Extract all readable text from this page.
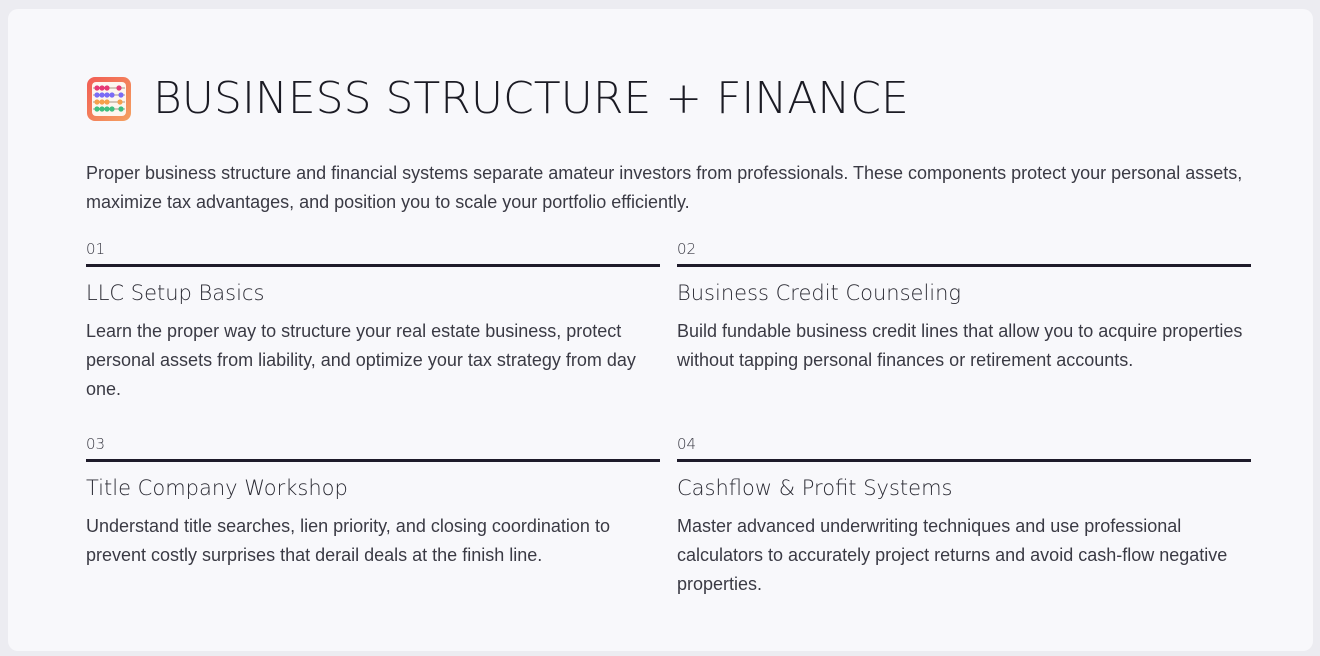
BUSINESS STRUCTURE + FINANCE
Proper business structure and financial systems separate amateur investors from professionals. These components protect your personal assets, maximize tax advantages, and position you to scale your portfolio efficiently.
01
LLC Setup Basics
Learn the proper way to structure your real estate business, protect personal assets from liability, and optimize your tax strategy from day one.
02
Business Credit Counseling
Build fundable business credit lines that allow you to acquire properties without tapping personal finances or retirement accounts.
03
Title Company Workshop
Understand title searches, lien priority, and closing coordination to prevent costly surprises that derail deals at the finish line.
04
Cashflow & Profit Systems
Master advanced underwriting techniques and use professional calculators to accurately project returns and avoid cash-flow negative properties.
